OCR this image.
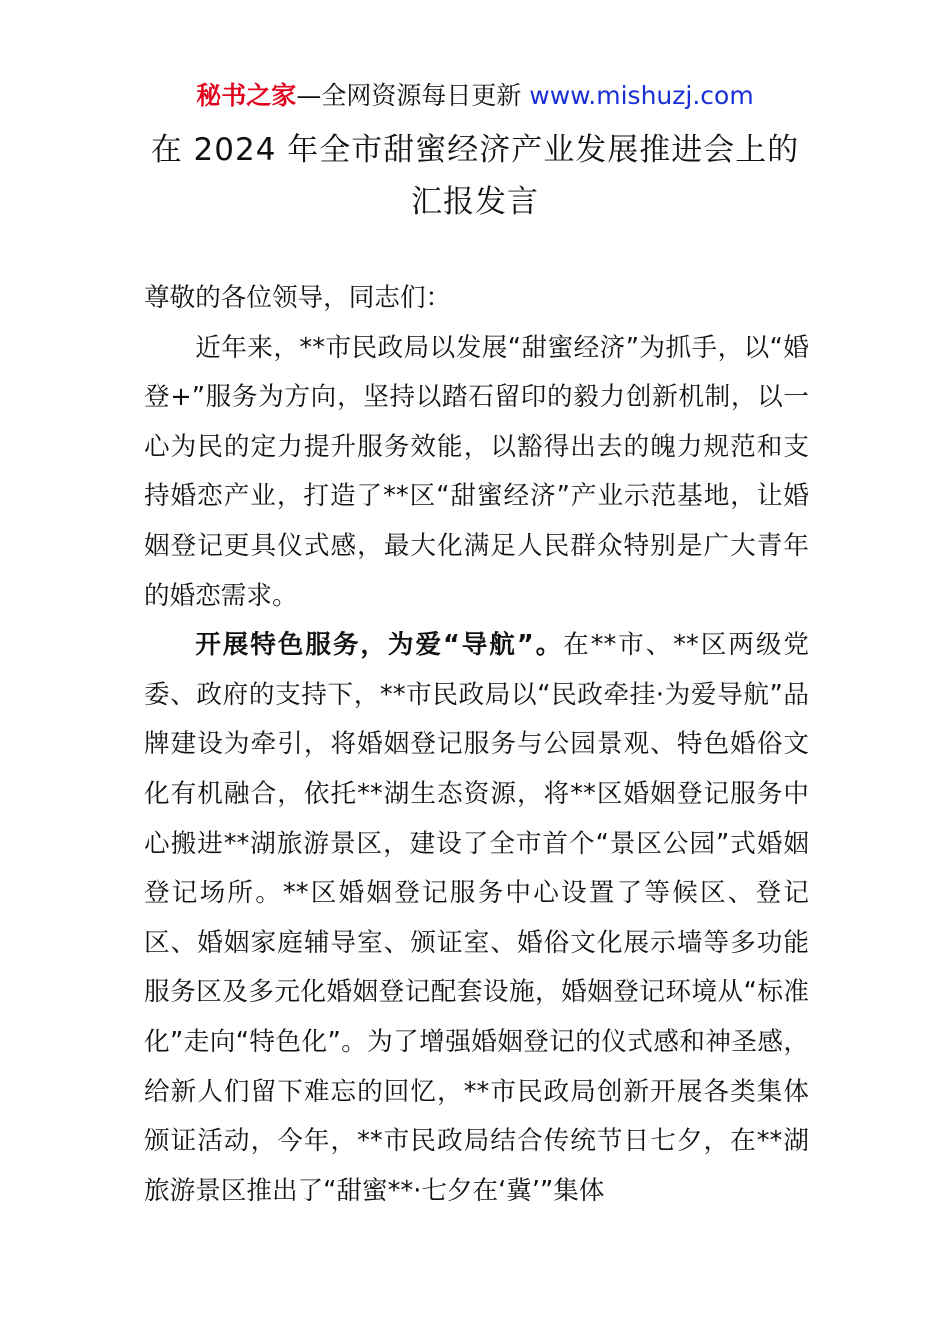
秘书之家—全网资源每日更新 www.mishuzj.com
在 2024 年全市甜蜜经济产业发展推进会上的
汇报发言

尊敬的各位领导，同志们：

近年来，**市民政局以发展“甜蜜经济”为抓手，以“婚登+”服务为方向，坚持以踏石留印的毅力创新机制，以一心为民的定力提升服务效能，以豁得出去的魄力规范和支持婚恋产业，打造了**区“甜蜜经济”产业示范基地，让婚姻登记更具仪式感，最大化满足人民群众特别是广大青年的婚恋需求。

开展特色服务，为爱“导航”。在**市、**区两级党委、政府的支持下，**市民政局以“民政牵挂·为爱导航”品牌建设为牵引，将婚姻登记服务与公园景观、特色婚俗文化有机融合，依托**湖生态资源，将**区婚姻登记服务中心搬进**湖旅游景区，建设了全市首个“景区公园”式婚姻登记场所。**区婚姻登记服务中心设置了等候区、登记区、婚姻家庭辅导室、颁证室、婚俗文化展示墙等多功能服务区及多元化婚姻登记配套设施，婚姻登记环境从“标准化”走向“特色化”。为了增强婚姻登记的仪式感和神圣感，给新人们留下难忘的回忆，**市民政局创新开展各类集体颁证活动，今年，**市民政局结合传统节日七夕，在**湖旅游景区推出了“甜蜜**·七夕在‘冀’”集体
